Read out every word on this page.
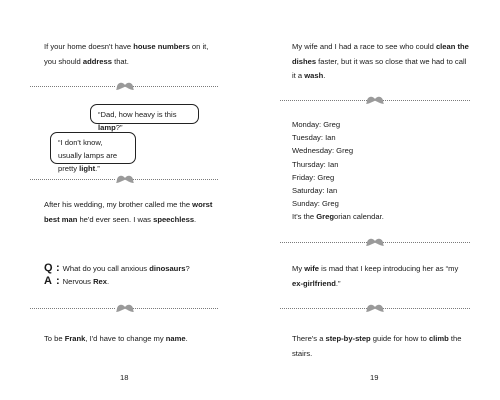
If your home doesn't have house numbers on it, you should address that.

“Dad, how heavy is this lamp?”
“I don't know, usually lamps are pretty light.”

After his wedding, my brother called me the worst best man he'd ever seen. I was speechless.

Q : What do you call anxious dinosaurs?
A : Nervous Rex.

To be Frank, I'd have to change my name.

18

My wife and I had a race to see who could clean the dishes faster, but it was so close that we had to call it a wash.

Monday: Greg
Tuesday: Ian
Wednesday: Greg
Thursday: Ian
Friday: Greg
Saturday: Ian
Sunday: Greg
It's the Gregorian calendar.

My wife is mad that I keep introducing her as “my ex-girlfriend.”

There's a step-by-step guide for how to climb the stairs.

19
